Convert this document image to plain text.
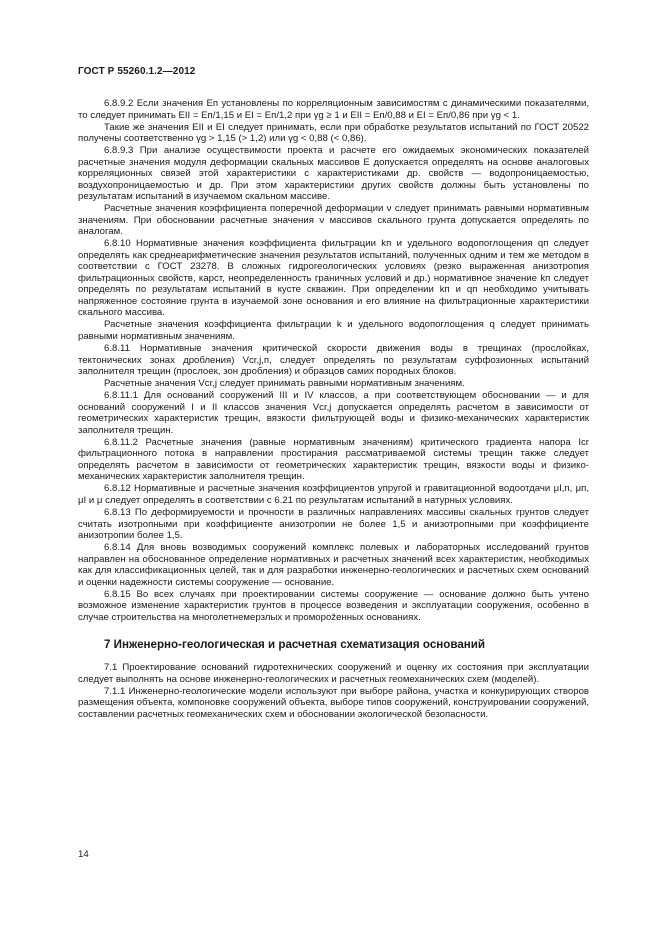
ГОСТ Р 55260.1.2—2012

6.8.9.2 Если значения Eп установлены по корреляционным зависимостям с динамическими показателями, то следует принимать EII = Eп/1,15 и EI = Eп/1,2 при γg ≥ 1 и EII = Eп/0,88 и EI = Eп/0,86 при γg < 1.

Такие же значения EII и EI следует принимать, если при обработке результатов испытаний по ГОСТ 20522 получены соответственно γg > 1,15 (> 1,2) или γg < 0,88 (< 0,86).

6.8.9.3 При анализе осуществимости проекта и расчете его ожидаемых экономических показателей расчетные значения модуля деформации скальных массивов E допускается определять на основе аналоговых корреляционных связей этой характеристики с характеристиками др. свойств — водопроницаемостью, воздухопроницаемостью и др. При этом характеристики других свойств должны быть установлены по результатам испытаний в изучаемом скальном массиве.

Расчетные значения коэффициента поперечной деформации ν следует принимать равными нормативным значениям. При обосновании расчетные значения ν массивов скального грунта допускается определять по аналогам.

6.8.10 Нормативные значения коэффициента фильтрации kп и удельного водопоглощения qп следует определять как среднеарифметические значения результатов испытаний, полученных одним и тем же методом в соответствии с ГОСТ 23278. В сложных гидрогеологических условиях (резко выраженная анизотропия фильтрационных свойств, карст, неопределенность граничных условий и др.) нормативное значение kп следует определять по результатам испытаний в кусте скважин. При определении kп и qп необходимо учитывать напряженное состояние грунта в изучаемой зоне основания и его влияние на фильтрационные характеристики скального массива.

Расчетные значения коэффициента фильтрации k и удельного водопоглощения q следует принимать равными нормативным значениям.

6.8.11 Нормативные значения критической скорости движения воды в трещинах (прослойках, тектонических зонах дробления) Vcr,j,п, следует определять по результатам суффозионных испытаний заполнителя трещин (прослоек, зон дробления) и образцов самих породных блоков.

Расчетные значения Vcr,j следует принимать равными нормативным значениям.

6.8.11.1 Для оснований сооружений III и IV классов, а при соответствующем обосновании — и для оснований сооружений I и II классов значения Vcr,j допускается определять расчетом в зависимости от геометрических характеристик трещин, вязкости фильтрующей воды и физико-механических характеристик заполнителя трещин.

6.8.11.2 Расчетные значения (равные нормативным значениям) критического градиента напора Icr фильтрационного потока в направлении простирания рассматриваемой системы трещин также следует определять расчетом в зависимости от геометрических характеристик трещин, вязкости воды и физико-механических характеристик заполнителя трещин.

6.8.12 Нормативные и расчетные значения коэффициентов упругой и гравитационной водоотдачи μI,п, μп, μI и μ следует определять в соответствии с 6.21 по результатам испытаний в натурных условиях.

6.8.13 По деформируемости и прочности в различных направлениях массивы скальных грунтов следует считать изотропными при коэффициенте анизотропии не более 1,5 и анизотропными при коэффициенте анизотропии более 1,5.

6.8.14 Для вновь возводимых сооружений комплекс полевых и лабораторных исследований грунтов направлен на обоснованное определение нормативных и расчетных значений всех характеристик, необходимых как для классификационных целей, так и для разработки инженерно-геологических и расчетных схем оснований и оценки надежности системы сооружение — основание.

6.8.15 Во всех случаях при проектировании системы сооружение — основание должно быть учтено возможное изменение характеристик грунтов в процессе возведения и эксплуатации сооружения, особенно в случае строительства на многолетнемерзлых и проморožенных основаниях.

7 Инженерно-геологическая и расчетная схематизация оснований

7.1 Проектирование оснований гидротехнических сооружений и оценку их состояния при эксплуатации следует выполнять на основе инженерно-геологических и расчетных геомеханических схем (моделей).

7.1.1 Инженерно-геологические модели используют при выборе района, участка и конкурирующих створов размещения объекта, компоновке сооружений объекта, выборе типов сооружений, конструировании сооружений, составлении расчетных геомеханических схем и обосновании экологической безопасности.

14
